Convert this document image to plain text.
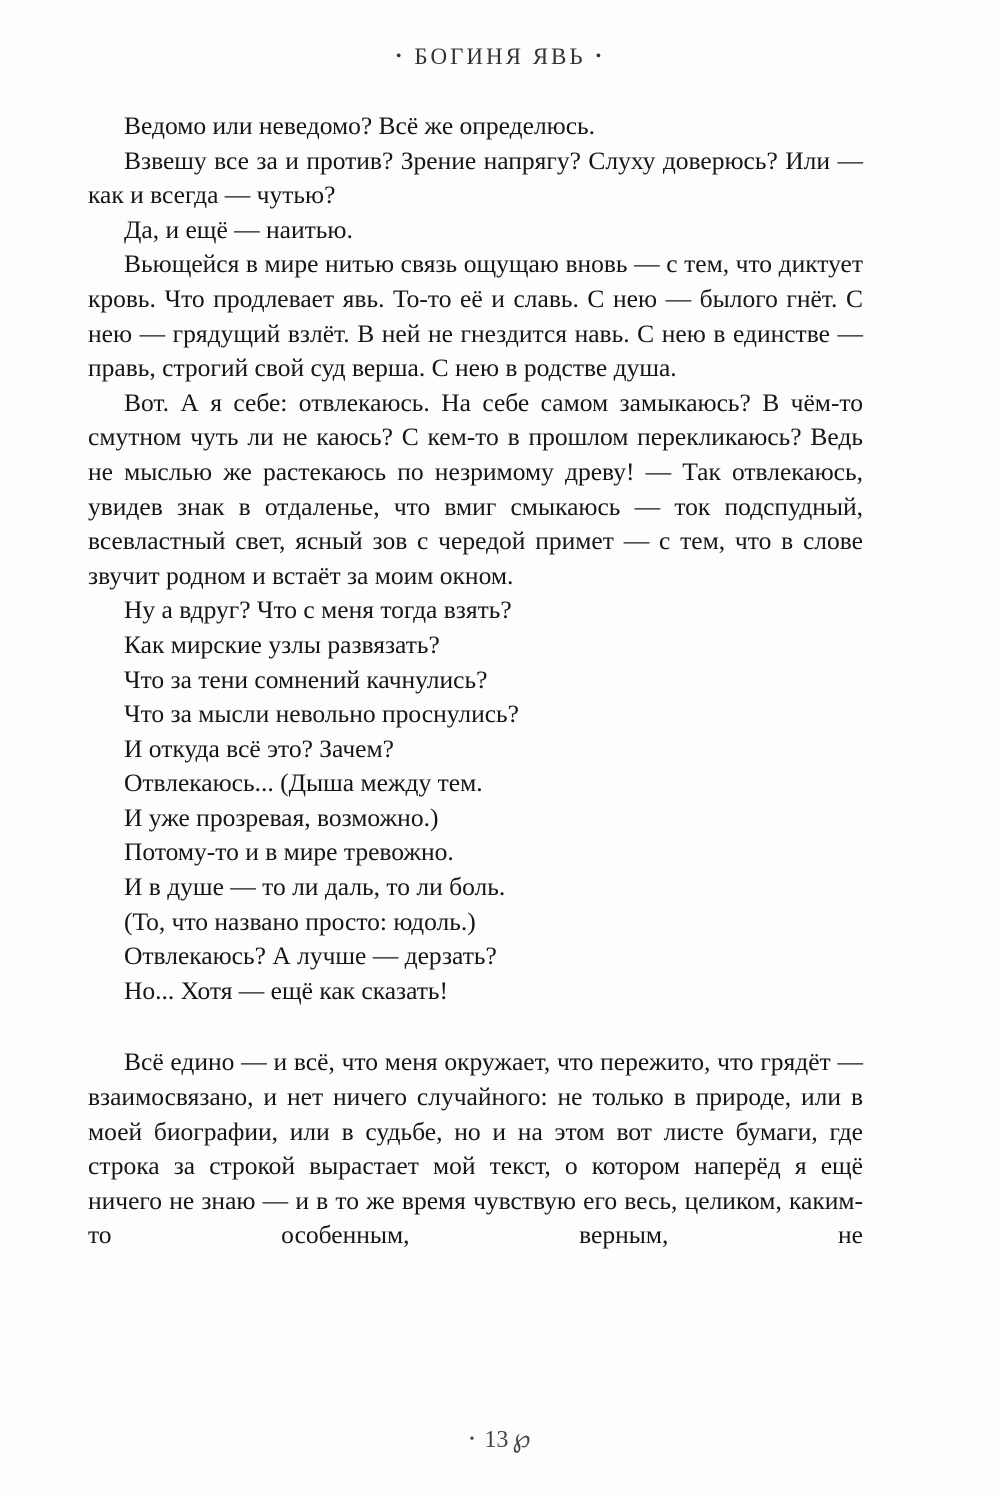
• БОГИНЯ ЯВЬ •
Ведомо или неведомо? Всё же определюсь.
Взвешу все за и против? Зрение напрягу? Слуху доверюсь? Или — как и всегда — чутью?
Да, и ещё — наитью.
Вьющейся в мире нитью связь ощущаю вновь — с тем, что диктует кровь. Что продлевает явь. То-то её и славь. С нею — былого гнёт. С нею — грядущий взлёт. В ней не гнездится навь. С нею в единстве — правь, строгий свой суд верша. С нею в родстве душа.
Вот. А я себе: отвлекаюсь. На себе самом замыкаюсь? В чём-то смутном чуть ли не каюсь? С кем-то в прошлом перекликаюсь? Ведь не мыслью же растекаюсь по незримому древу! — Так отвлекаюсь, увидев знак в отдаленье, что вмиг смыкаюсь — ток подспудный, всевластный свет, ясный зов с чередой примет — с тем, что в слове звучит родном и встаёт за моим окном.
Ну а вдруг? Что с меня тогда взять?
Как мирские узлы развязать?
Что за тени сомнений качнулись?
Что за мысли невольно проснулись?
И откуда всё это? Зачем?
Отвлекаюсь... (Дыша между тем.
И уже прозревая, возможно.)
Потому-то и в мире тревожно.
И в душе — то ли даль, то ли боль.
(То, что названо просто: юдоль.)
Отвлекаюсь? А лучше — дерзать?
Но... Хотя — ещё как сказать!
Всё едино — и всё, что меня окружает, что пережито, что грядёт — взаимосвязано, и нет ничего случайного: не только в природе, или в моей биографии, или в судьбе, но и на этом вот листе бумаги, где строка за строкой вырастает мой текст, о котором наперёд я ещё ничего не знаю — и в то же время чувствую его весь, целиком, каким-то особенным, верным, не
• 13 ℘
